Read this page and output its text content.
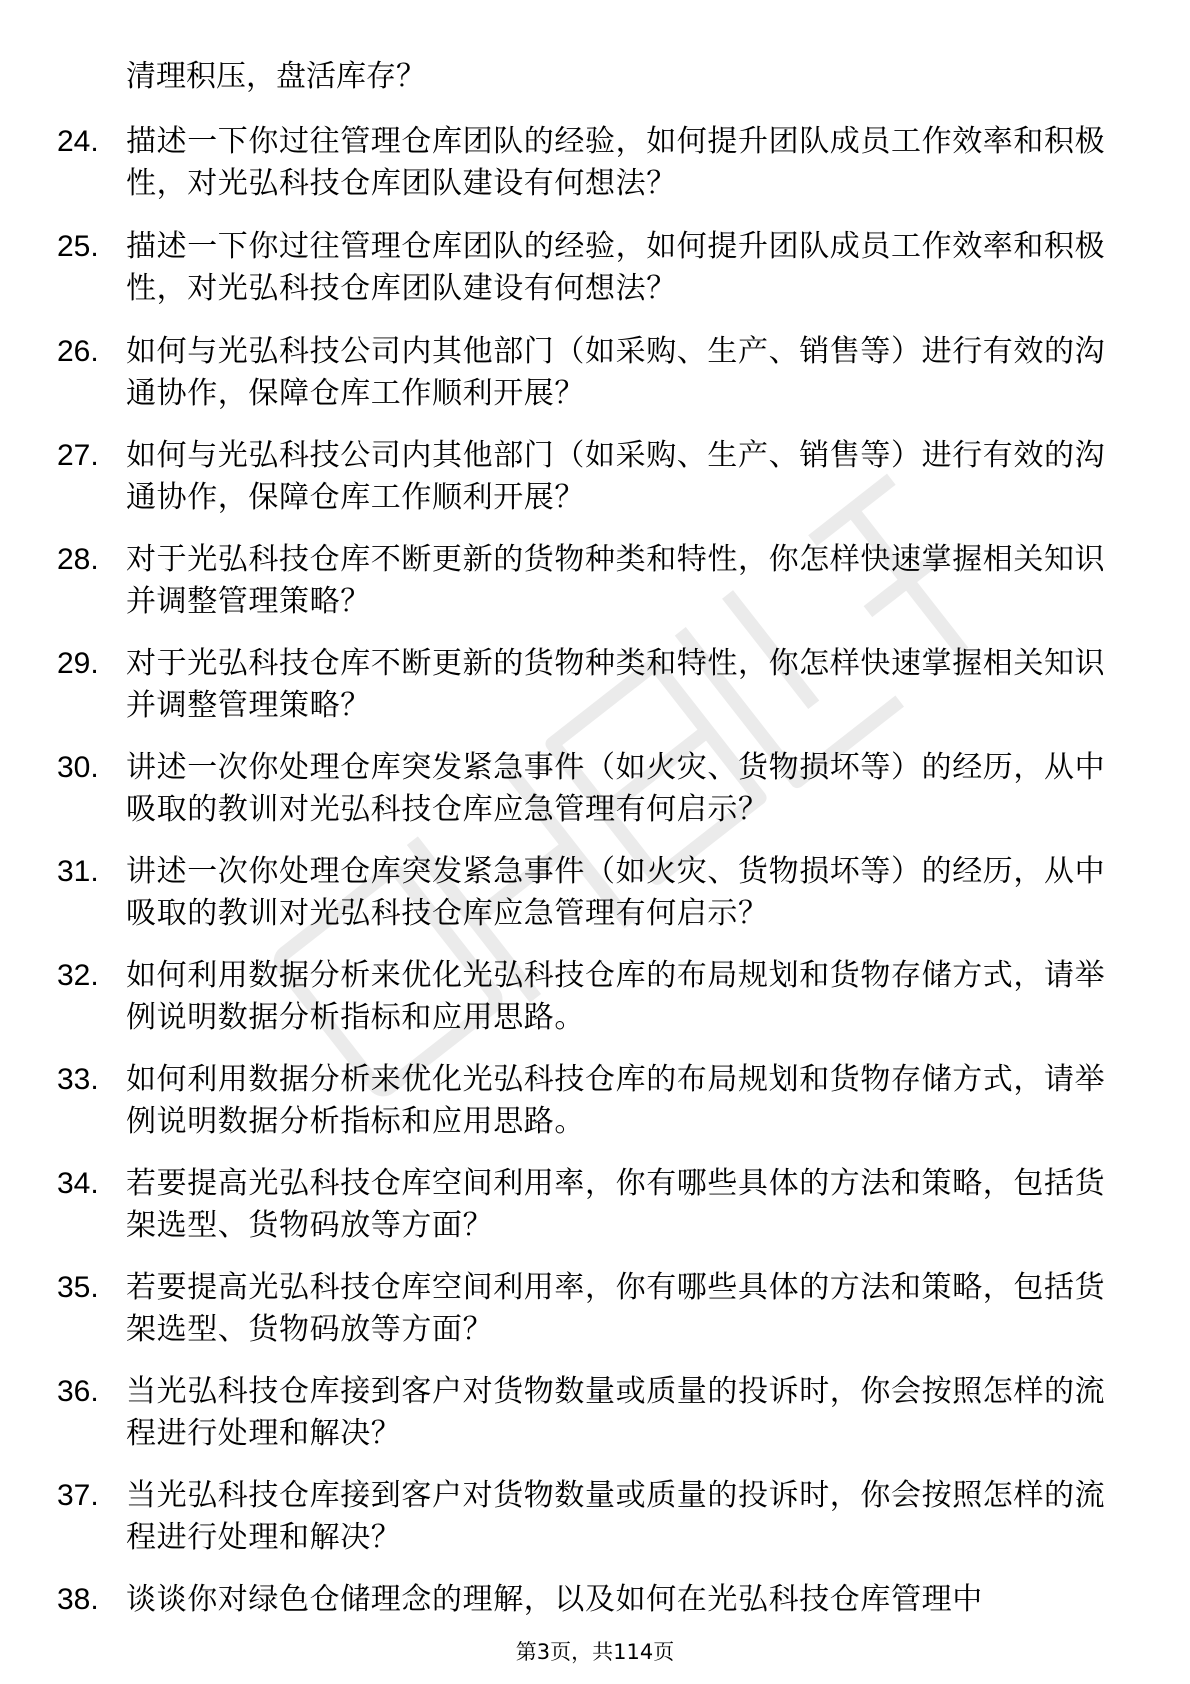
清理积压，盘活库存？
24. 描述一下你过往管理仓库团队的经验，如何提升团队成员工作效率和积极性，对光弘科技仓库团队建设有何想法？
25. 描述一下你过往管理仓库团队的经验，如何提升团队成员工作效率和积极性，对光弘科技仓库团队建设有何想法？
26. 如何与光弘科技公司内其他部门（如采购、生产、销售等）进行有效的沟通协作，保障仓库工作顺利开展？
27. 如何与光弘科技公司内其他部门（如采购、生产、销售等）进行有效的沟通协作，保障仓库工作顺利开展？
28. 对于光弘科技仓库不断更新的货物种类和特性，你怎样快速掌握相关知识并调整管理策略？
29. 对于光弘科技仓库不断更新的货物种类和特性，你怎样快速掌握相关知识并调整管理策略？
30. 讲述一次你处理仓库突发紧急事件（如火灾、货物损坏等）的经历，从中吸取的教训对光弘科技仓库应急管理有何启示？
31. 讲述一次你处理仓库突发紧急事件（如火灾、货物损坏等）的经历，从中吸取的教训对光弘科技仓库应急管理有何启示？
32. 如何利用数据分析来优化光弘科技仓库的布局规划和货物存储方式，请举例说明数据分析指标和应用思路。
33. 如何利用数据分析来优化光弘科技仓库的布局规划和货物存储方式，请举例说明数据分析指标和应用思路。
34. 若要提高光弘科技仓库空间利用率，你有哪些具体的方法和策略，包括货架选型、货物码放等方面？
35. 若要提高光弘科技仓库空间利用率，你有哪些具体的方法和策略，包括货架选型、货物码放等方面？
36. 当光弘科技仓库接到客户对货物数量或质量的投诉时，你会按照怎样的流程进行处理和解决？
37. 当光弘科技仓库接到客户对货物数量或质量的投诉时，你会按照怎样的流程进行处理和解决？
38. 谈谈你对绿色仓储理念的理解，以及如何在光弘科技仓库管理中
第3页，共114页
